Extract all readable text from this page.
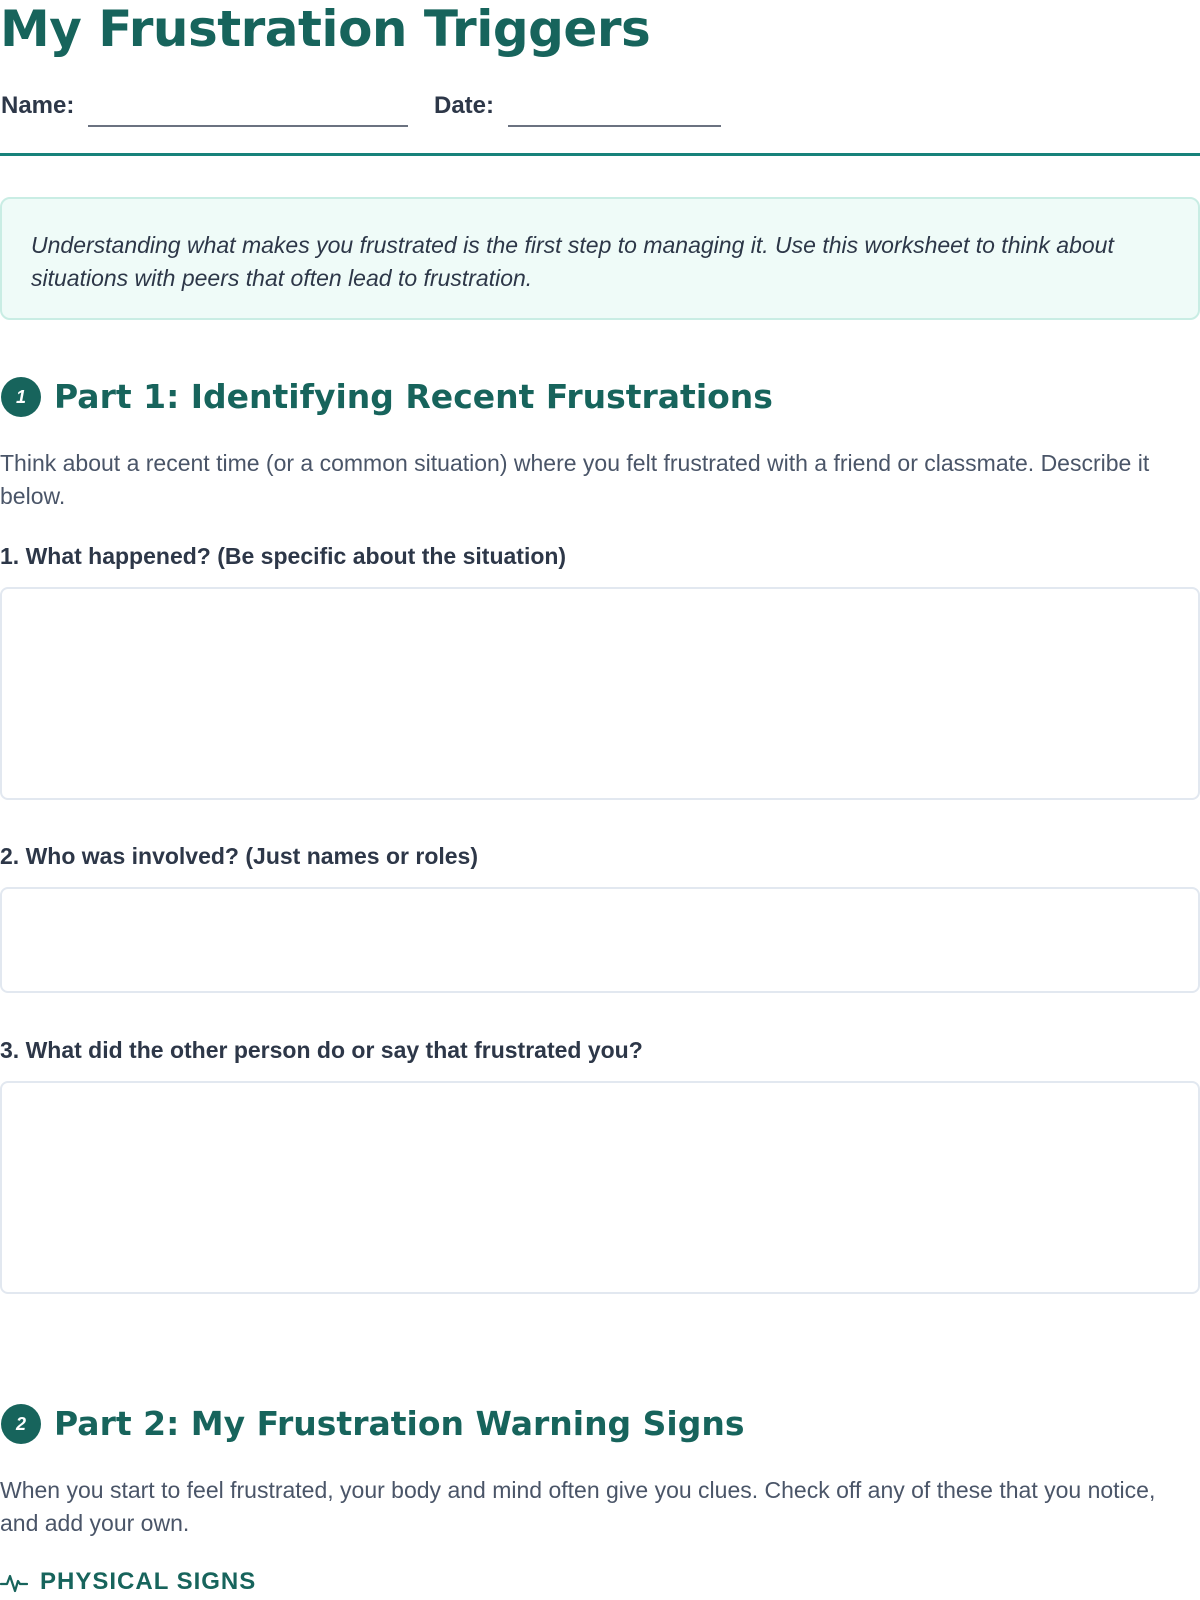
My Frustration Triggers
Name:	Date:

Understanding what makes you frustrated is the first step to managing it. Use this worksheet to think about situations with peers that often lead to frustration.

1 Part 1: Identifying Recent Frustrations

Think about a recent time (or a common situation) where you felt frustrated with a friend or classmate. Describe it below.

1. What happened? (Be specific about the situation)
2. Who was involved? (Just names or roles)
3. What did the other person do or say that frustrated you?
2 Part 2: My Frustration Warning Signs

When you start to feel frustrated, your body and mind often give you clues. Check off any of these that you notice, and add your own.

PHYSICAL SIGNS
